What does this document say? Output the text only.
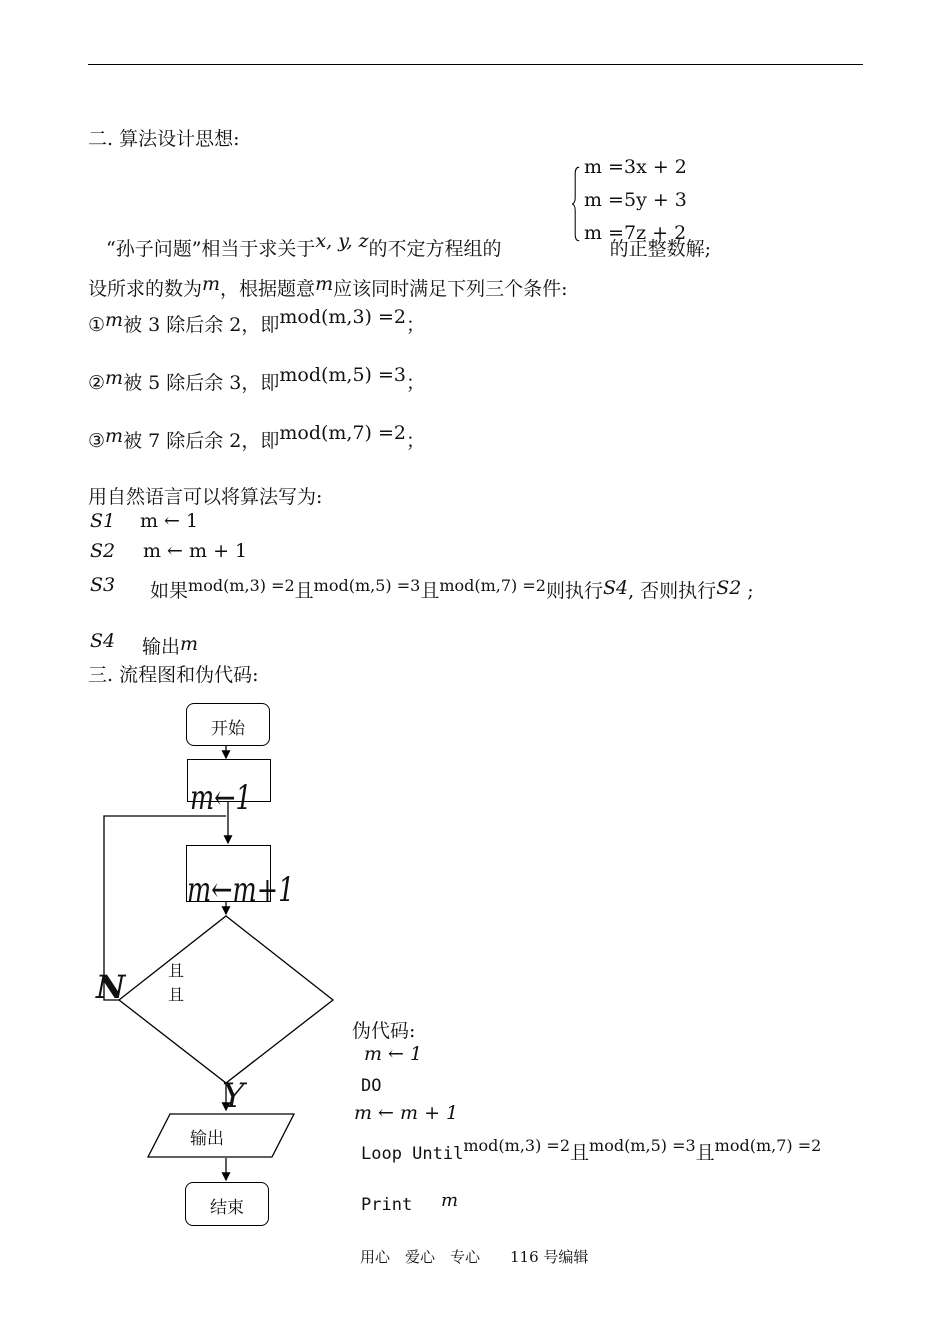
二. 算法设计思想:
m =3x + 2
m =5y + 3
m =7z + 2
“孙子问题”相当于求关于x, y, z的不定方程组的	的正整数解;
设所求的数为m，根据题意m应该同时满足下列三个条件:
①m被 3 除后余 2，即mod(m,3) =2；
②m被 5 除后余 3，即mod(m,5) =3；
③m被 7 除后余 2，即mod(m,7) =2；
用自然语言可以将算法写为:
S1 m ← 1
S2 m ← m + 1
S3 如果$^{mod(m,3) =2}$且$^{mod(m,5) =3}$且$^{mod(m,7) =2}$则执行S4, 否则执行S2 ;
S4 输出m
三. 流程图和伪代码:
开始
m←1
m←m+1
且
且
N
Y
输出
结束
伪代码:
m ← 1
DO
m ← m + 1
Loop Until$^{mod(m,3) =2}$且$^{mod(m,5) =3}$且$^{mod(m,7) =2}$
Print m
用心　爱心　专心　　116 号编辑
